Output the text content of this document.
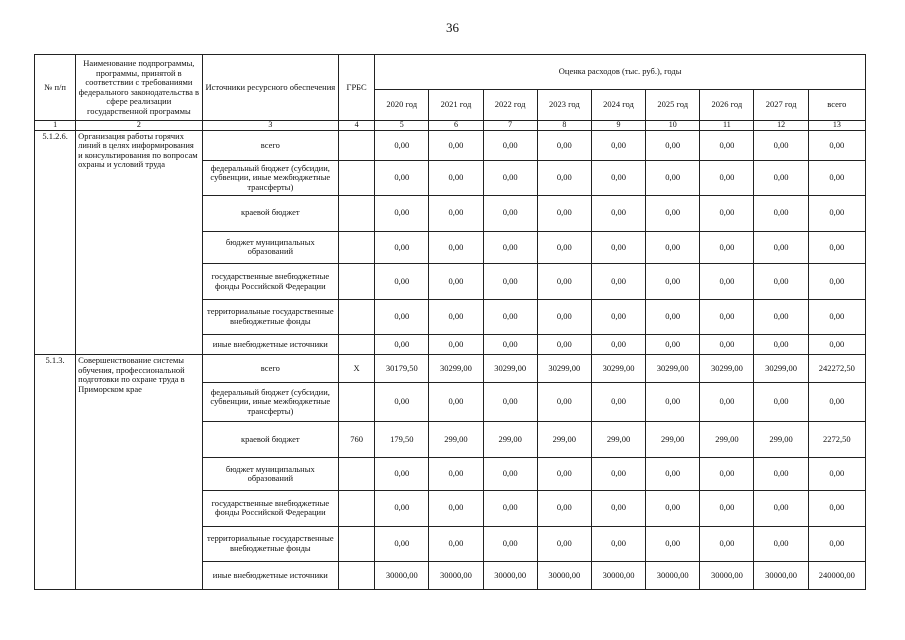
36
№ п/п	Наименование подпрограммы, программы, принятой в соответствии с требованиями федерального законодательства в сфере реализации государственной программы	Источники ресурсного обеспечения	ГРБС	Оценка расходов (тыс. руб.), годы								
				2020 год	2021 год	2022 год	2023 год	2024 год	2025 год	2026 год	2027 год	всего
1	2	3	4	5	6	7	8	9	10	11	12	13
5.1.2.6.	Организация работы горячих линий в целях информирования и консультирования по вопросам охраны и условий труда	всего		0,00	0,00	0,00	0,00	0,00	0,00	0,00	0,00	0,00
		федеральный бюджет (субсидии, субвенции, иные межбюджетные трансферты)		0,00	0,00	0,00	0,00	0,00	0,00	0,00	0,00	0,00
		краевой бюджет		0,00	0,00	0,00	0,00	0,00	0,00	0,00	0,00	0,00
		бюджет муниципальных образований		0,00	0,00	0,00	0,00	0,00	0,00	0,00	0,00	0,00
		государственные внебюджетные фонды Российской Федерации		0,00	0,00	0,00	0,00	0,00	0,00	0,00	0,00	0,00
		территориальные государственные внебюджетные фонды		0,00	0,00	0,00	0,00	0,00	0,00	0,00	0,00	0,00
		иные внебюджетные источники		0,00	0,00	0,00	0,00	0,00	0,00	0,00	0,00	0,00
5.1.3.	Совершенствование системы обучения, профессиональной подготовки по охране труда в Приморском крае	всего	X	30179,50	30299,00	30299,00	30299,00	30299,00	30299,00	30299,00	30299,00	242272,50
		федеральный бюджет (субсидии, субвенции, иные межбюджетные трансферты)		0,00	0,00	0,00	0,00	0,00	0,00	0,00	0,00	0,00
		краевой бюджет	760	179,50	299,00	299,00	299,00	299,00	299,00	299,00	299,00	2272,50
		бюджет муниципальных образований		0,00	0,00	0,00	0,00	0,00	0,00	0,00	0,00	0,00
		государственные внебюджетные фонды Российской Федерации		0,00	0,00	0,00	0,00	0,00	0,00	0,00	0,00	0,00
		территориальные государственные внебюджетные фонды		0,00	0,00	0,00	0,00	0,00	0,00	0,00	0,00	0,00
		иные внебюджетные источники		30000,00	30000,00	30000,00	30000,00	30000,00	30000,00	30000,00	30000,00	240000,00
